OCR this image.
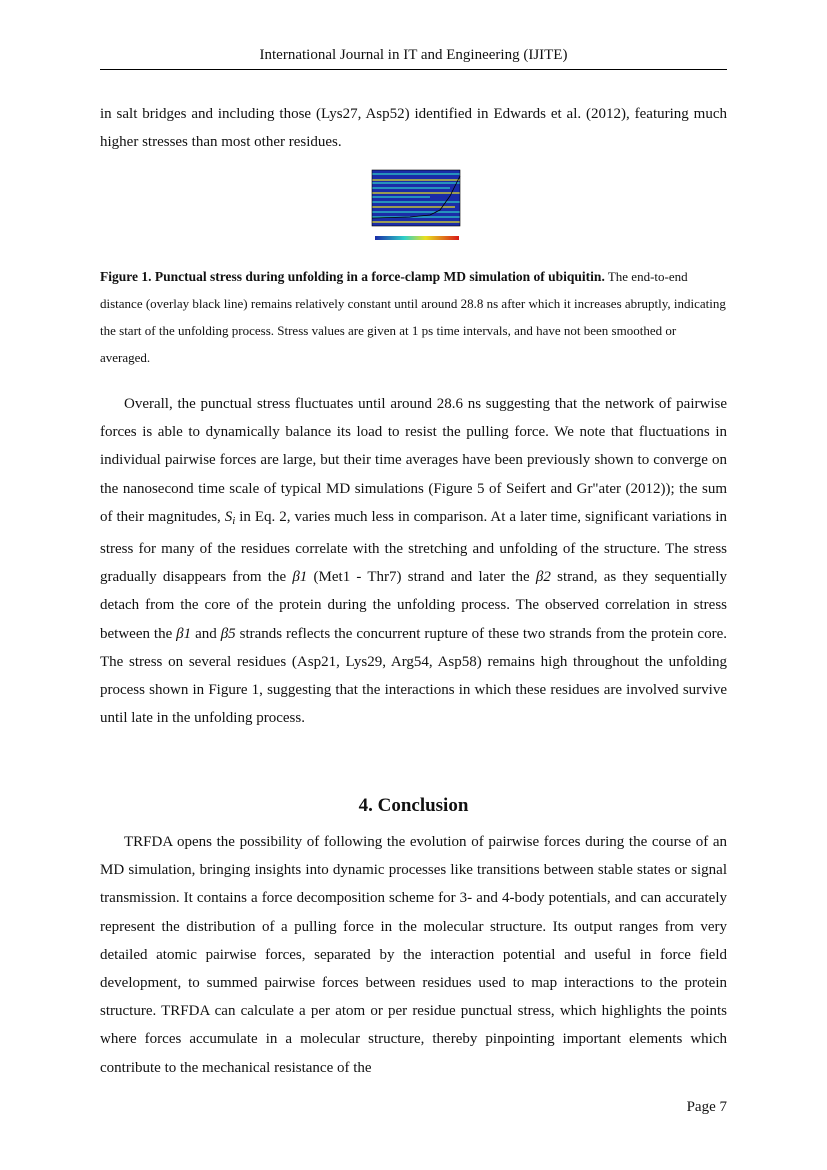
International Journal in IT and Engineering (IJITE)
in salt bridges and including those (Lys27, Asp52) identified in Edwards et al. (2012), featuring much higher stresses than most other residues.
Figure 1. Punctual stress during unfolding in a force-clamp MD simulation of ubiquitin. The end-to-end distance (overlay black line) remains relatively constant until around 28.8 ns after which it increases abruptly, indicating the start of the unfolding process. Stress values are given at 1 ps time intervals, and have not been smoothed or averaged.
Overall, the punctual stress fluctuates until around 28.6 ns suggesting that the network of pairwise forces is able to dynamically balance its load to resist the pulling force. We note that fluctuations in individual pairwise forces are large, but their time averages have been previously shown to converge on the nanosecond time scale of typical MD simulations (Figure 5 of Seifert and Gr"ater (2012)); the sum of their magnitudes, $S_i$ in Eq. 2, varies much less in comparison. At a later time, significant variations in stress for many of the residues correlate with the stretching and unfolding of the structure. The stress gradually disappears from the β1 (Met1 - Thr7) strand and later the β2 strand, as they sequentially detach from the core of the protein during the unfolding process. The observed correlation in stress between the β1 and β5 strands reflects the concurrent rupture of these two strands from the protein core. The stress on several residues (Asp21, Lys29, Arg54, Asp58) remains high throughout the unfolding process shown in Figure 1, suggesting that the interactions in which these residues are involved survive until late in the unfolding process.
4. Conclusion
TRFDA opens the possibility of following the evolution of pairwise forces during the course of an MD simulation, bringing insights into dynamic processes like transitions between stable states or signal transmission. It contains a force decomposition scheme for 3- and 4-body potentials, and can accurately represent the distribution of a pulling force in the molecular structure. Its output ranges from very detailed atomic pairwise forces, separated by the interaction potential and useful in force field development, to summed pairwise forces between residues used to map interactions to the protein structure. TRFDA can calculate a per atom or per residue punctual stress, which highlights the points where forces accumulate in a molecular structure, thereby pinpointing important elements which contribute to the mechanical resistance of the
Page 7
